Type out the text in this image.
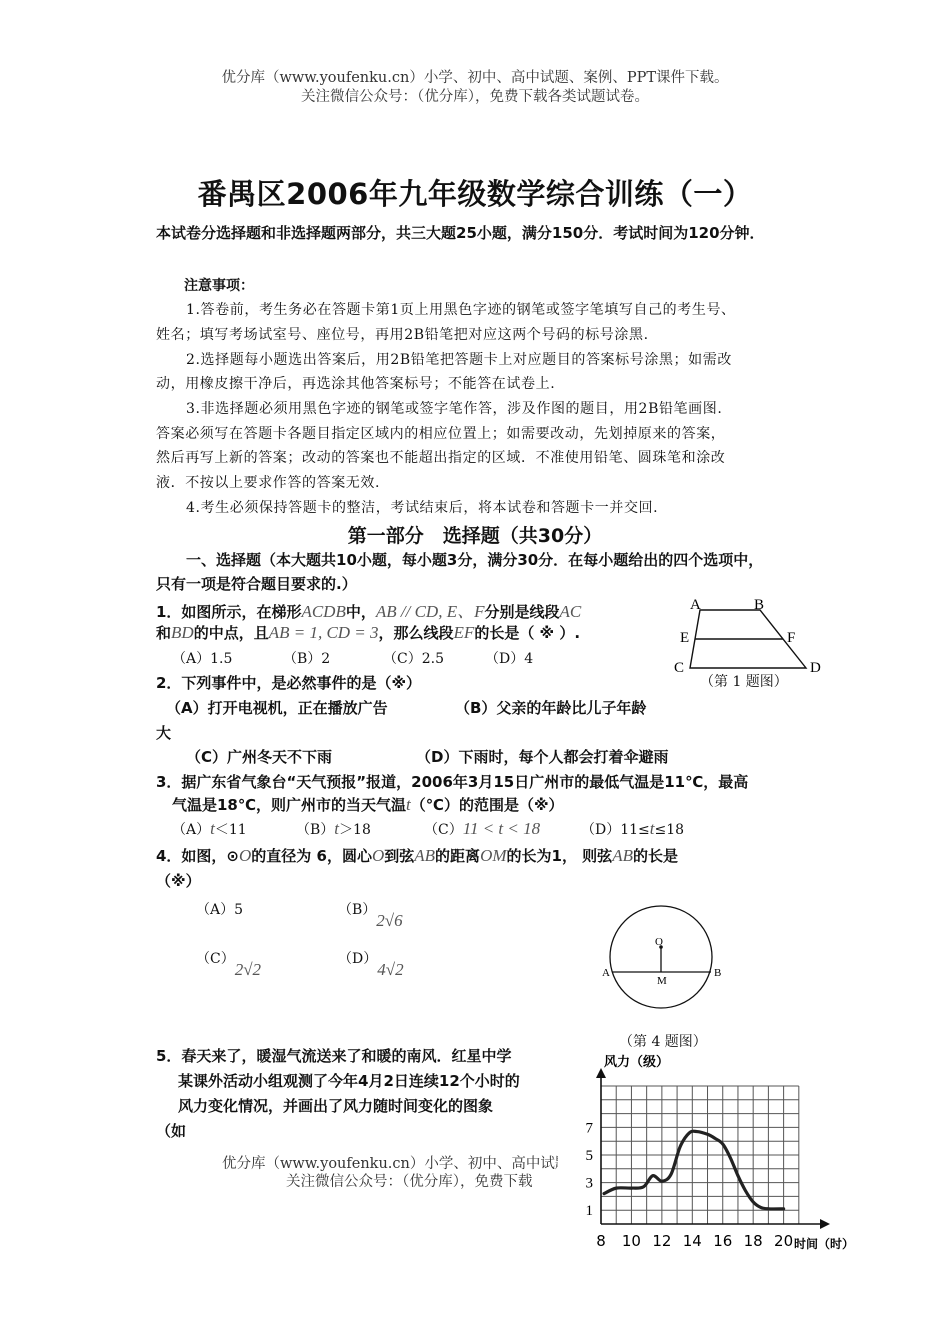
优分库（www.youfenku.cn）小学、初中、高中试题、案例、PPT课件下载。
关注微信公众号：（优分库），免费下载各类试题试卷。
番禺区2006年九年级数学综合训练（一）
本试卷分选择题和非选择题两部分，共三大题25小题，满分150分．考试时间为120分钟．
注意事项：
1.答卷前，考生务必在答题卡第1页上用黑色字迹的钢笔或签字笔填写自己的考生号、
姓名；填写考场试室号、座位号，再用2B铅笔把对应这两个号码的标号涂黑.
2.选择题每小题选出答案后，用2B铅笔把答题卡上对应题目的答案标号涂黑；如需改
动，用橡皮擦干净后，再选涂其他答案标号；不能答在试卷上.
3.非选择题必须用黑色字迹的钢笔或签字笔作答，涉及作图的题目，用2B铅笔画图.
答案必须写在答题卡各题目指定区域内的相应位置上；如需要改动，先划掉原来的答案，
然后再写上新的答案；改动的答案也不能超出指定的区域．不准使用铅笔、圆珠笔和涂改
液．不按以上要求作答的答案无效.
4.考生必须保持答题卡的整洁，考试结束后，将本试卷和答题卡一并交回.
第一部分　选择题（共30分）
一、选择题（本大题共10小题，每小题3分，满分30分．在每小题给出的四个选项中，
只有一项是符合题目要求的.）
1．如图所示，在梯形ACDB中，AB // CD, E、F分别是线段AC
和BD的中点，且AB = 1, CD = 3，那么线段EF的长是（ ※ ）.
（A）1.5	（B）2	（C）2.5	（D）4
A	B
E	F
C	D
（第 1 题图）
2．下列事件中，是必然事件的是（※）
（A）打开电视机，正在播放广告	（B）父亲的年龄比儿子年龄
大
（C）广州冬天不下雨	（D）下雨时，每个人都会打着伞避雨
3．据广东省气象台“天气预报”报道，2006年3月15日广州市的最低气温是11℃，最高
气温是18℃，则广州市的当天气温t（℃）的范围是（※）
（A）t＜11	（B）t＞18	（C）11 < t < 18	（D）11≤t≤18
4．如图，⊙O的直径为 6，圆心O到弦AB的距离OM的长为1， 则弦AB的长是
（※）
（A）5	（B）2√6
（C）2√2
（D）4√2
O
M
A	B
（第 4 题图）
5．春天来了，暖湿气流送来了和暖的南风．红星中学
某课外活动小组观测了今年4月2日连续12个小时的
风力变化情况，并画出了风力随时间变化的图象
（如
优分库（www.youfenku.cn）小学、初中、高中试题
关注微信公众号：（优分库），免费下载
8 10 12 14 16 18 20
1
3
5
7
风力（级）
时间（时）
